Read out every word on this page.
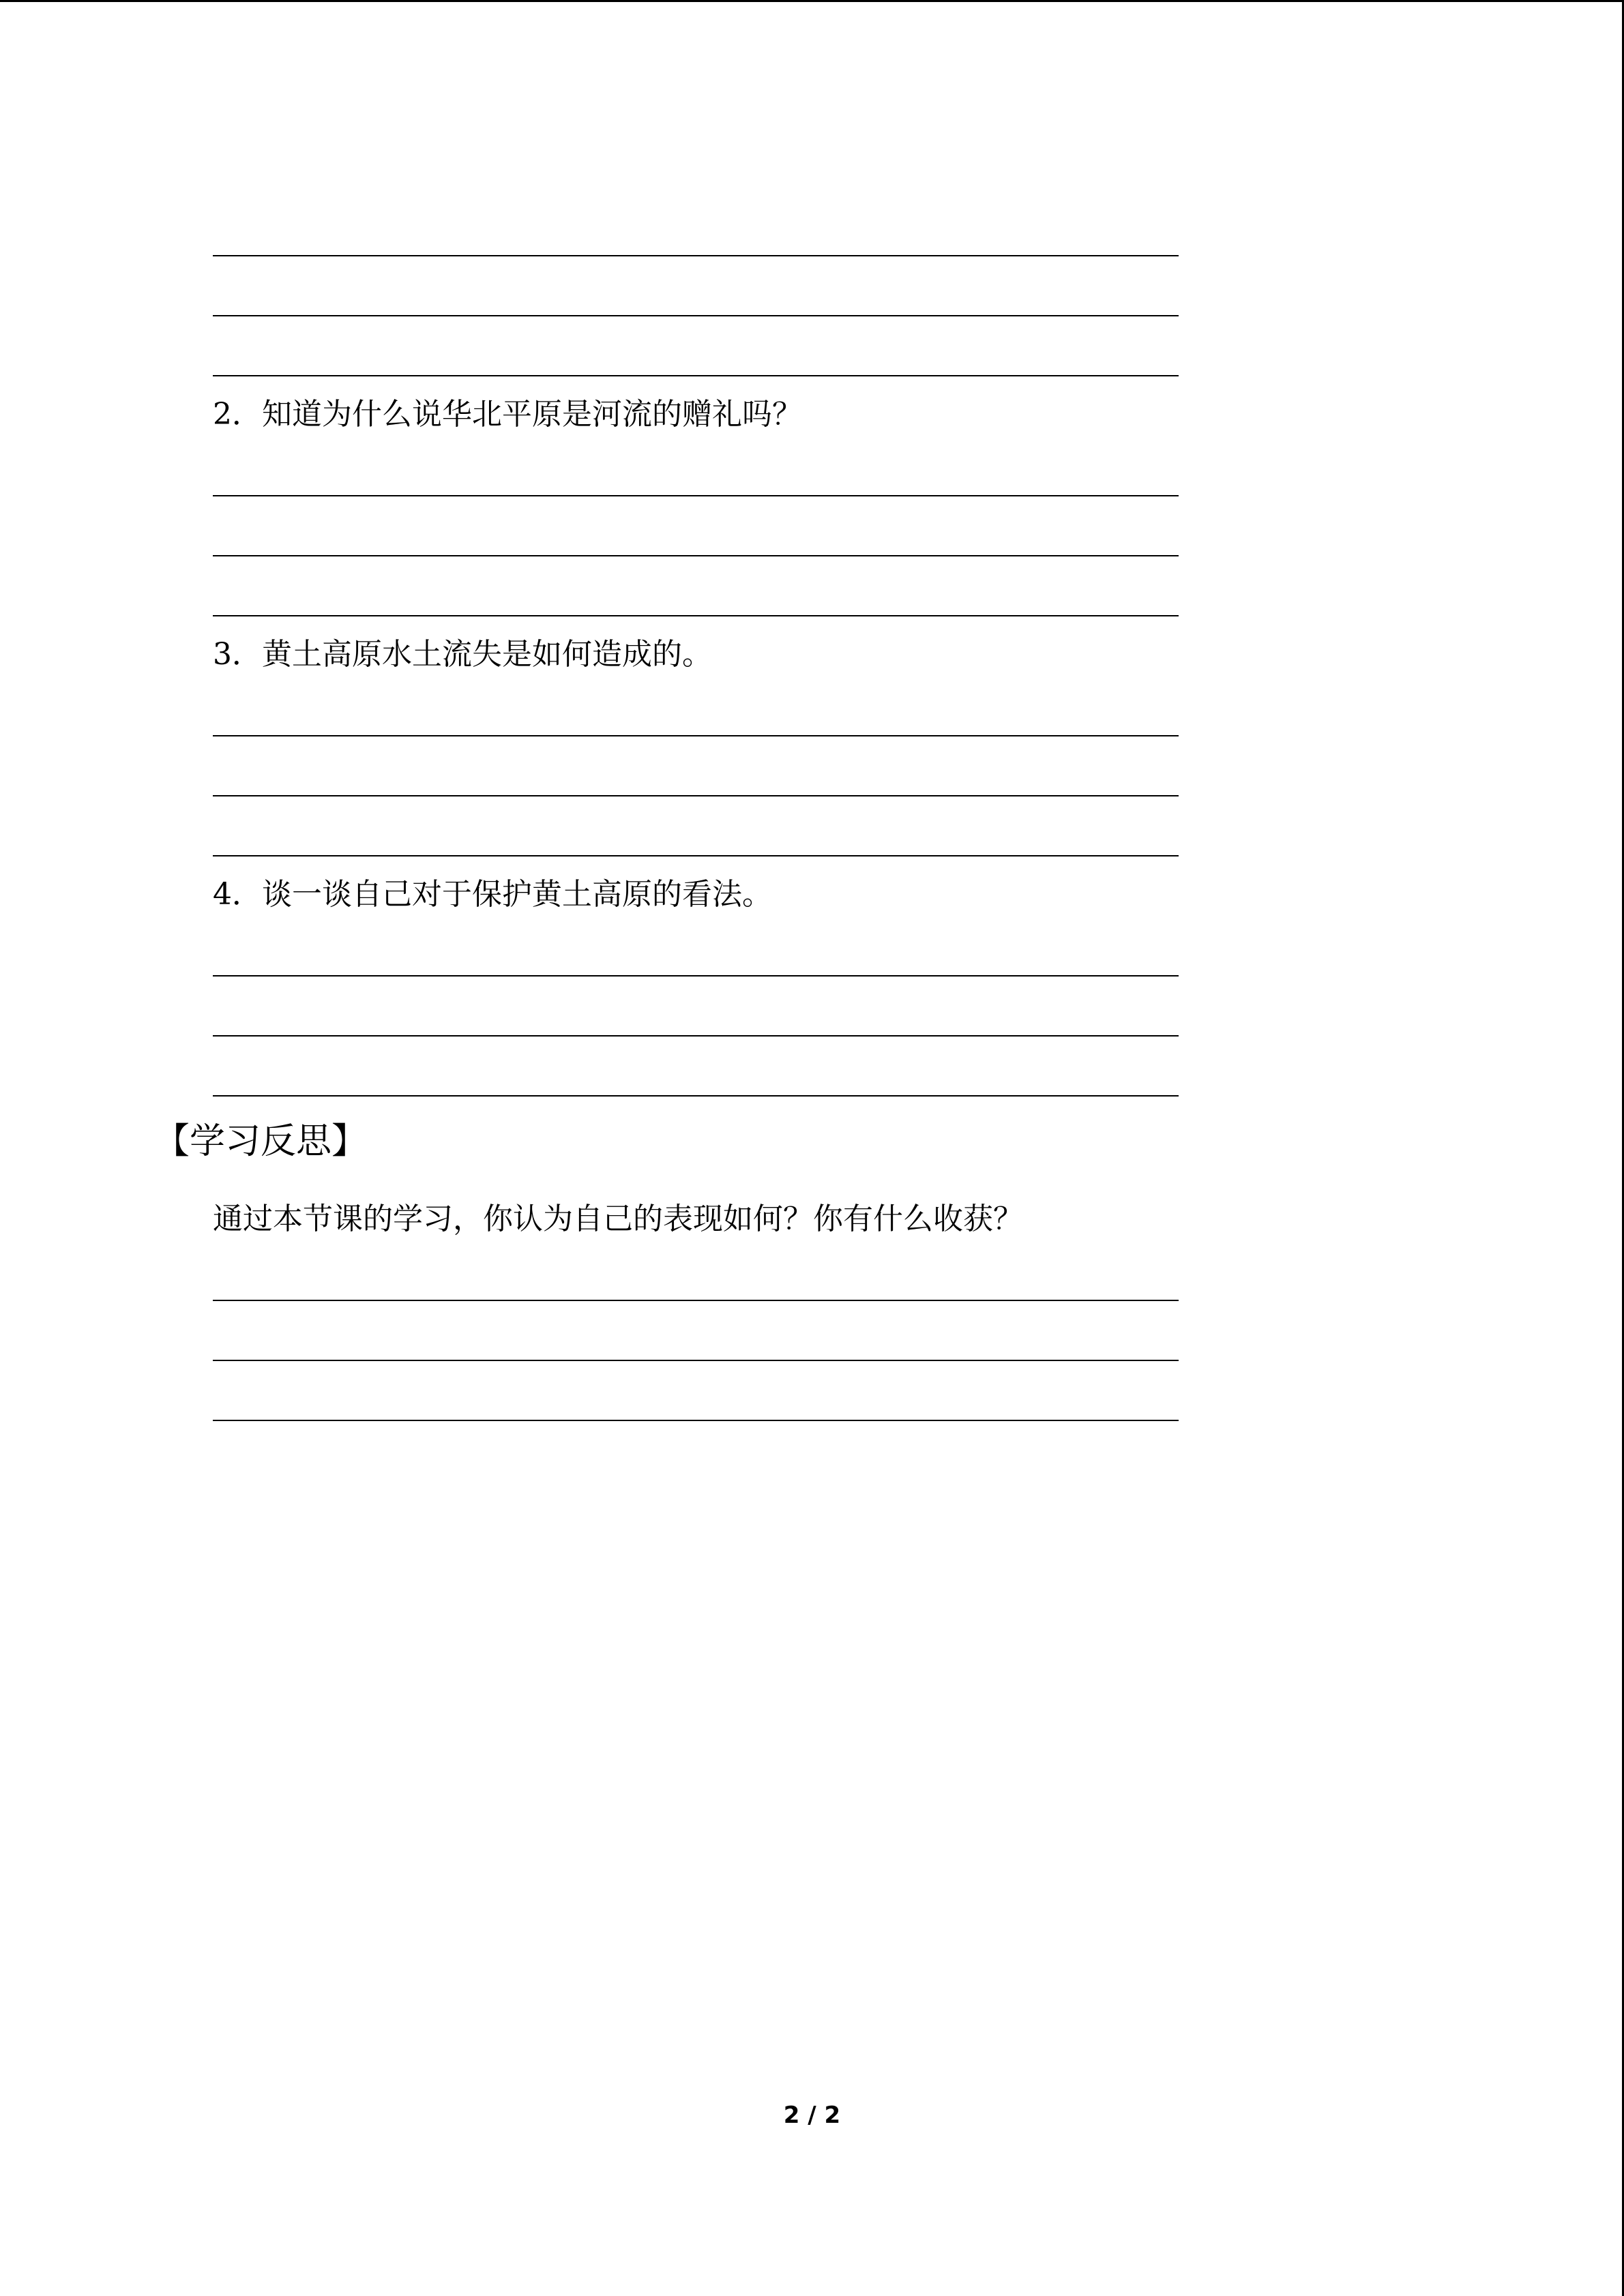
2．知道为什么说华北平原是河流的赠礼吗？
3．黄土高原水土流失是如何造成的。
4．谈一谈自己对于保护黄土高原的看法。
【学习反思】
通过本节课的学习，你认为自己的表现如何？你有什么收获？
2 / 2
